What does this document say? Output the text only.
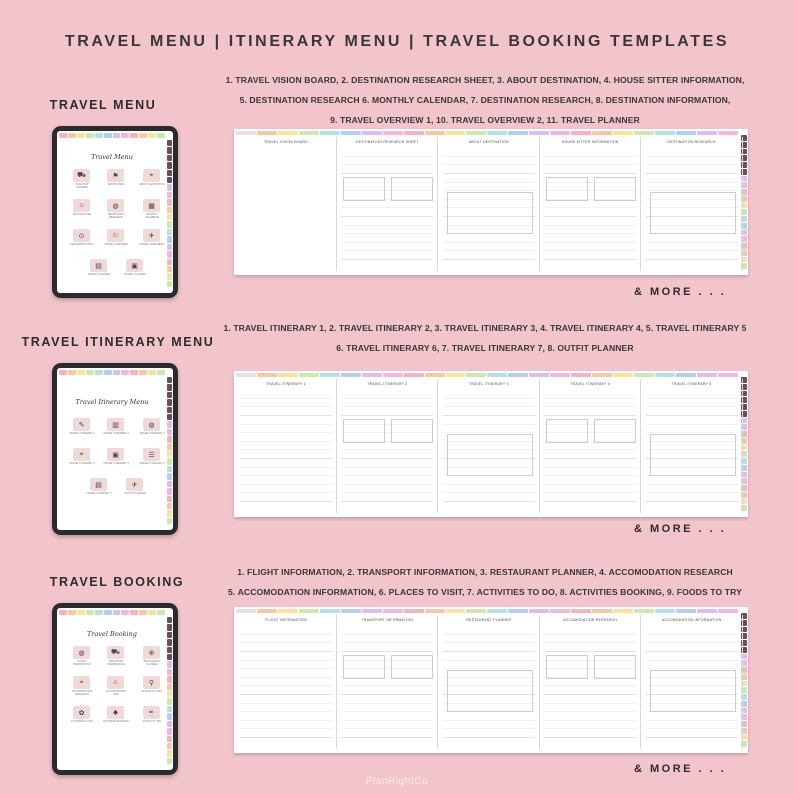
TRAVEL MENU | ITINERARY MENU | TRAVEL BOOKING TEMPLATES
TRAVEL MENU
1. TRAVEL VISION BOARD, 2. DESTINATION RESEARCH SHEET, 3. ABOUT DESTINATION, 4. HOUSE SITTER INFORMATION,
5. DESTINATION RESEARCH 6. MONTHLY CALENDAR, 7. DESTINATION RESEARCH, 8. DESTINATION INFORMATION,
9. TRAVEL OVERVIEW 1, 10. TRAVEL OVERVIEW 2, 11. TRAVEL PLANNER
Travel Menu
⛟
ROAD TRIP PLANNER
⚑
DESTINATION
⌖
ABOUT DESTINATION
⌂
HOUSE SITTER
◍
DESTINATION RESEARCH
▦
MONTHLY CALENDAR
⊙
DESTINATION INFO
⚐
TRAVEL OVERVIEW
✈
TRAVEL OVERVIEW 2
▤
TRAVEL PLANNER
▣
TRAVEL PLANNER
TRAVEL VISION BOARD	DESTINATION RESEARCH SHEET	ABOUT DESTINATION	HOUSE SITTER INFORMATION	DESTINATION RESEARCH
& MORE . . .
TRAVEL ITINERARY MENU
1. TRAVEL ITINERARY 1, 2. TRAVEL ITINERARY 2, 3. TRAVEL ITINERARY 3, 4. TRAVEL ITINERARY 4, 5. TRAVEL ITINERARY 5
6. TRAVEL ITINERARY 6, 7. TRAVEL ITINERARY 7, 8. OUTFIT PLANNER
Travel Itinerary Menu
✎
TRAVEL ITINERARY 1
▥
TRAVEL ITINERARY 2
◍
TRAVEL ITINERARY 3
⌖
TRAVEL ITINERARY 4
▣
TRAVEL ITINERARY 5
☰
TRAVEL ITINERARY 6
▤
TRAVEL ITINERARY 7
✈
OUTFIT PLANNER
TRAVEL ITINERARY 1	TRAVEL ITINERARY 2	TRAVEL ITINERARY 3	TRAVEL ITINERARY 4	TRAVEL ITINERARY 5
& MORE . . .
TRAVEL BOOKING
1. FLIGHT INFORMATION, 2. TRANSPORT INFORMATION, 3. RESTAURANT PLANNER, 4. ACCOMODATION RESEARCH
5. ACCOMODATION INFORMATION, 6. PLACES TO VISIT, 7. ACTIVITIES TO DO, 8. ACTIVITIES BOOKING, 9. FOODS TO TRY
Travel Booking
◍
FLIGHT INFORMATION
⛟
TRANSPORT INFORMATION
⊕
RESTAURANT PLANNER
⌖
ACCOMODATION RESEARCH
⌂
ACCOMODATION INFO
⚲
PLACES TO VISIT
✿
ACTIVITIES TO DO
✸
ACTIVITIES BOOKING
☕
FOODS TO TRY
FLIGHT INFORMATION	TRANSPORT INFORMATION	RESTAURANT PLANNER	ACCOMODATION RESEARCH	ACCOMODATION INFORMATION
& MORE . . .
PlanRightCo
